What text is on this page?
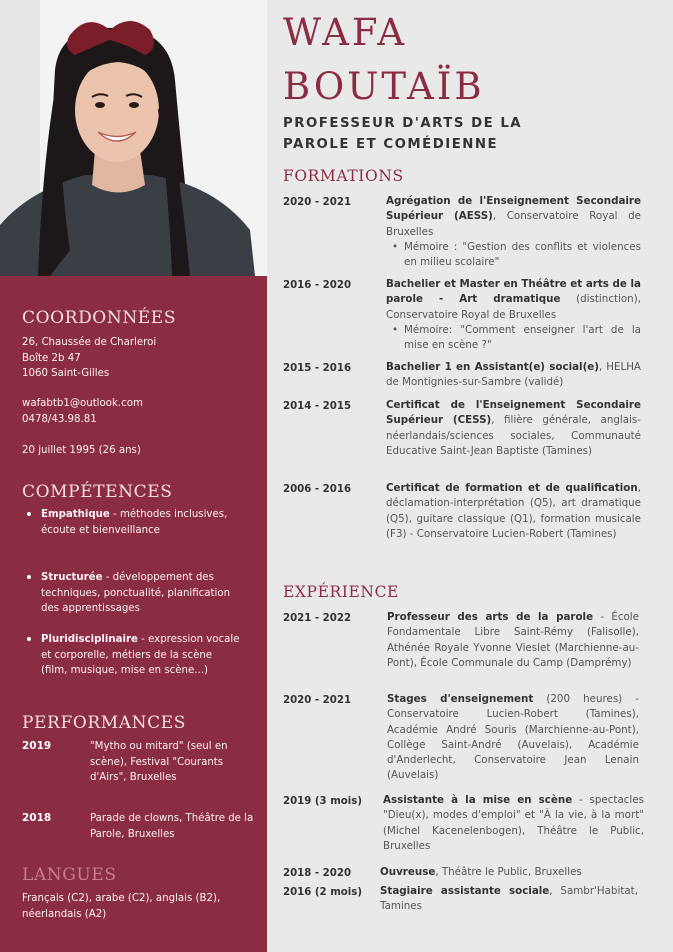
COORDONNÉES
26, Chaussée de Charleroi
Boîte 2b 47
1060 Saint-Gilles
wafabtb1@outlook.com
0478/43.98.81
20 juillet 1995 (26 ans)
COMPÉTENCES
Empathique - méthodes inclusives, écoute et bienveillance
Structurée - développement des techniques, ponctualité, planification des apprentissages
Pluridisciplinaire - expression vocale et corporelle, métiers de la scène (film, musique, mise en scène...)
PERFORMANCES
2019	"Mytho ou mitard" (seul en scène), Festival "Courants d'Airs", Bruxelles
2018	Parade de clowns, Théâtre de la Parole, Bruxelles
LANGUES
Français (C2), arabe (C2), anglais (B2), néerlandais (A2)
WAFA
BOUTAÏB
PROFESSEUR D'ARTS DE LA PAROLE ET COMÉDIENNE
FORMATIONS
2020 - 2021	Agrégation de l'Enseignement Secondaire Supérieur (AESS), Conservatoire Royal de Bruxelles
• Mémoire : "Gestion des conflits et violences en milieu scolaire"
2016 - 2020	Bachelier et Master en Théâtre et arts de la parole - Art dramatique (distinction), Conservatoire Royal de Bruxelles
• Mémoire: "Comment enseigner l'art de la mise en scène ?"
2015 - 2016	Bachelier 1 en Assistant(e) social(e), HELHA de Montignies-sur-Sambre (validé)
2014 - 2015	Certificat de l'Enseignement Secondaire Supérieur (CESS), filière générale, anglais-néerlandais/sciences sociales, Communauté Educative Saint-Jean Baptiste (Tamines)
2006 - 2016	Certificat de formation et de qualification, déclamation-interprétation (Q5), art dramatique (Q5), guitare classique (Q1), formation musicale (F3) - Conservatoire Lucien-Robert (Tamines)
EXPÉRIENCE
2021 - 2022	Professeur des arts de la parole - École Fondamentale Libre Saint-Rémy (Falisolle), Athénée Royale Yvonne Vieslet (Marchienne-au-Pont), École Communale du Camp (Damprémy)
2020 - 2021	Stages d'enseignement (200 heures) - Conservatoire Lucien-Robert (Tamines), Académie André Souris (Marchienne-au-Pont), Collège Saint-André (Auvelais), Académie d'Anderlecht, Conservatoire Jean Lenain (Auvelais)
2019 (3 mois) Assistante à la mise en scène - spectacles "Dieu(x), modes d'emploi" et "À la vie, à la mort" (Michel Kacenelenbogen), Théâtre le Public, Bruxelles
2018 - 2020	Ouvreuse, Théâtre le Public, Bruxelles
2016 (2 mois) Stagiaire assistante sociale, Sambr'Habitat, Tamines
